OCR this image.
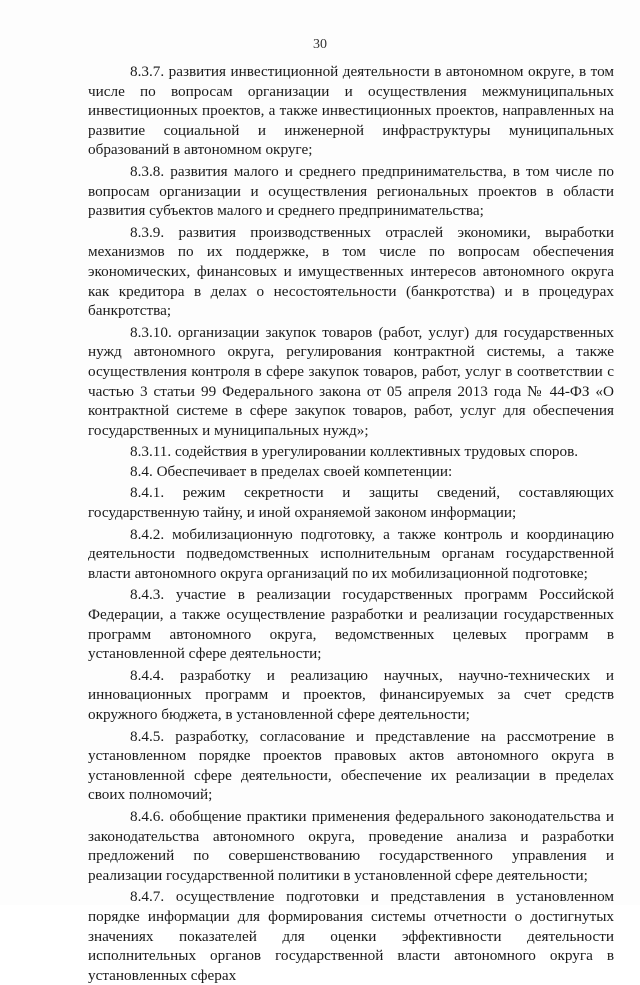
30

8.3.7. развития инвестиционной деятельности в автономном округе, в том числе по вопросам организации и осуществления межмуниципальных инвестиционных проектов, а также инвестиционных проектов, направленных на развитие социальной и инженерной инфраструктуры муниципальных образований в автономном округе;

8.3.8. развития малого и среднего предпринимательства, в том числе по вопросам организации и осуществления региональных проектов в области развития субъектов малого и среднего предпринимательства;

8.3.9. развития производственных отраслей экономики, выработки механизмов по их поддержке, в том числе по вопросам обеспечения экономических, финансовых и имущественных интересов автономного округа как кредитора в делах о несостоятельности (банкротства) и в процедурах банкротства;

8.3.10. организации закупок товаров (работ, услуг) для государственных нужд автономного округа, регулирования контрактной системы, а также осуществления контроля в сфере закупок товаров, работ, услуг в соответствии с частью 3 статьи 99 Федерального закона от 05 апреля 2013 года № 44-ФЗ «О контрактной системе в сфере закупок товаров, работ, услуг для обеспечения государственных и муниципальных нужд»;

8.3.11. содействия в урегулировании коллективных трудовых споров.

8.4. Обеспечивает в пределах своей компетенции:

8.4.1. режим секретности и защиты сведений, составляющих государственную тайну, и иной охраняемой законом информации;

8.4.2. мобилизационную подготовку, а также контроль и координацию деятельности подведомственных исполнительным органам государственной власти автономного округа организаций по их мобилизационной подготовке;

8.4.3. участие в реализации государственных программ Российской Федерации, а также осуществление разработки и реализации государственных программ автономного округа, ведомственных целевых программ в установленной сфере деятельности;

8.4.4. разработку и реализацию научных, научно-технических и инновационных программ и проектов, финансируемых за счет средств окружного бюджета, в установленной сфере деятельности;

8.4.5. разработку, согласование и представление на рассмотрение в установленном порядке проектов правовых актов автономного округа в установленной сфере деятельности, обеспечение их реализации в пределах своих полномочий;

8.4.6. обобщение практики применения федерального законодательства и законодательства автономного округа, проведение анализа и разработки предложений по совершенствованию государственного управления и реализации государственной политики в установленной сфере деятельности;

8.4.7. осуществление подготовки и представления в установленном порядке информации для формирования системы отчетности о достигнутых значениях показателей для оценки эффективности деятельности исполнительных органов государственной власти автономного округа в установленных сферах
